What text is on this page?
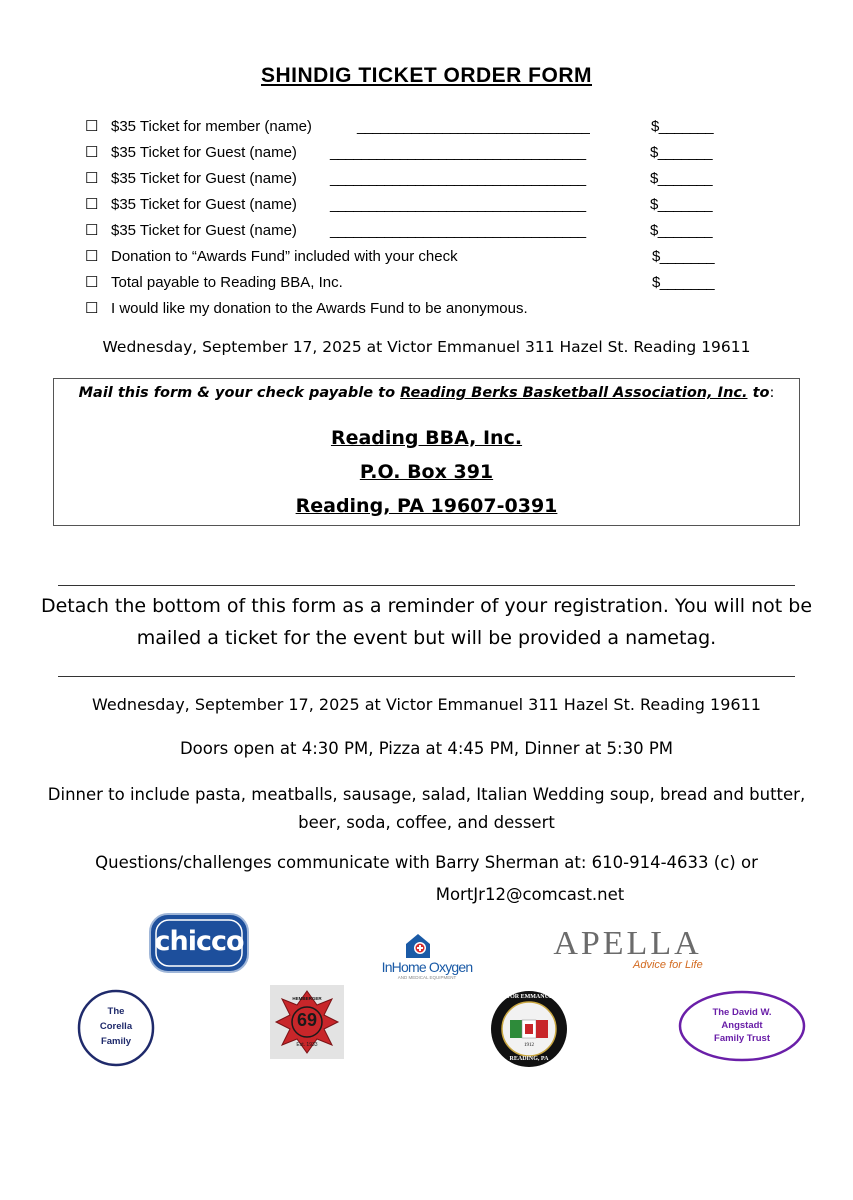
SHINDIG TICKET ORDER FORM
☐ $35 Ticket for member (name)	______________________________	$_______
☐ $35 Ticket for Guest (name) _________________________________	$_______
☐ $35 Ticket for Guest (name) _________________________________	$_______
☐ $35 Ticket for Guest (name) _________________________________	$_______
☐ $35 Ticket for Guest (name) _________________________________	$_______
☐ Donation to “Awards Fund” included with your check	$_______
☐ Total payable to Reading BBA, Inc.	$_______
☐ I would like my donation to the Awards Fund to be anonymous.
Wednesday, September 17, 2025 at Victor Emmanuel 311 Hazel St. Reading 19611
Mail this form & your check payable to Reading Berks Basketball Association, Inc. to:
Reading BBA, Inc.
P.O. Box 391
Reading, PA 19607-0391
Detach the bottom of this form as a reminder of your registration. You will not be mailed a ticket for the event but will be provided a nametag.
Wednesday, September 17, 2025 at Victor Emmanuel 311 Hazel St. Reading 19611
Doors open at 4:30 PM, Pizza at 4:45 PM, Dinner at 5:30 PM
Dinner to include pasta, meatballs, sausage, salad, Italian Wedding soup, bread and butter, beer, soda, coffee, and dessert
Questions/challenges communicate with Barry Sherman at: 610-914-4633 (c) or
MortJr12@comcast.net
chicco
InHome Oxygen
AND MEDICAL EQUIPMENT
APELLA
Advice for Life
The
Corella
Family
HEMBERGER
69
Est. 1933
VICTOR EMMANUEL II
1912
READING, PA
The David W.
Angstadt
Family Trust
